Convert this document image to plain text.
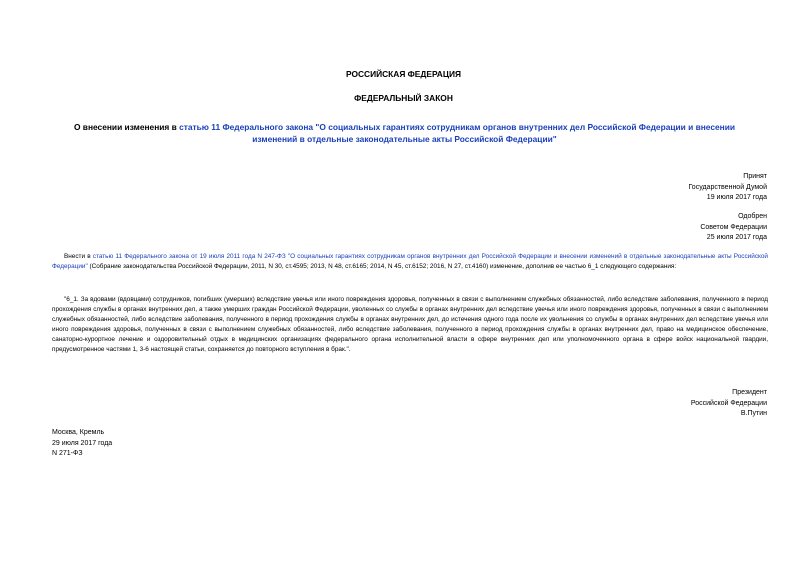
РОССИЙСКАЯ ФЕДЕРАЦИЯ
ФЕДЕРАЛЬНЫЙ ЗАКОН
О внесении изменения в статью 11 Федерального закона "О социальных гарантиях сотрудникам органов внутренних дел Российской Федерации и внесении изменений в отдельные законодательные акты Российской Федерации"
Принят
Государственной Думой
19 июля 2017 года
Одобрен
Советом Федерации
25 июля 2017 года
Внести в статью 11 Федерального закона от 19 июля 2011 года N 247-ФЗ "О социальных гарантиях сотрудникам органов внутренних дел Российской Федерации и внесении изменений в отдельные законодательные акты Российской Федерации" (Собрание законодательства Российской Федерации, 2011, N 30, ст.4595; 2013, N 48, ст.6165; 2014, N 45, ст.6152; 2016, N 27, ст.4160) изменение, дополнив ее частью 6_1 следующего содержания:
"6_1. За вдовами (вдовцами) сотрудников, погибших (умерших) вследствие увечья или иного повреждения здоровья, полученных в связи с выполнением служебных обязанностей, либо вследствие заболевания, полученного в период прохождения службы в органах внутренних дел, а также умерших граждан Российской Федерации, уволенных со службы в органах внутренних дел вследствие увечья или иного повреждения здоровья, полученных в связи с выполнением служебных обязанностей, либо вследствие заболевания, полученного в период прохождения службы в органах внутренних дел, до истечения одного года после их увольнения со службы в органах внутренних дел вследствие увечья или иного повреждения здоровья, полученных в связи с выполнением служебных обязанностей, либо вследствие заболевания, полученного в период прохождения службы в органах внутренних дел, право на медицинское обеспечение, санаторно-курортное лечение и оздоровительный отдых в медицинских организациях федерального органа исполнительной власти в сфере внутренних дел или уполномоченного органа в сфере войск национальной гвардии, предусмотренное частями 1, 3-6 настоящей статьи, сохраняется до повторного вступления в брак.".
Президент
Российской Федерации
В.Путин
Москва, Кремль
29 июля 2017 года
N 271-ФЗ
